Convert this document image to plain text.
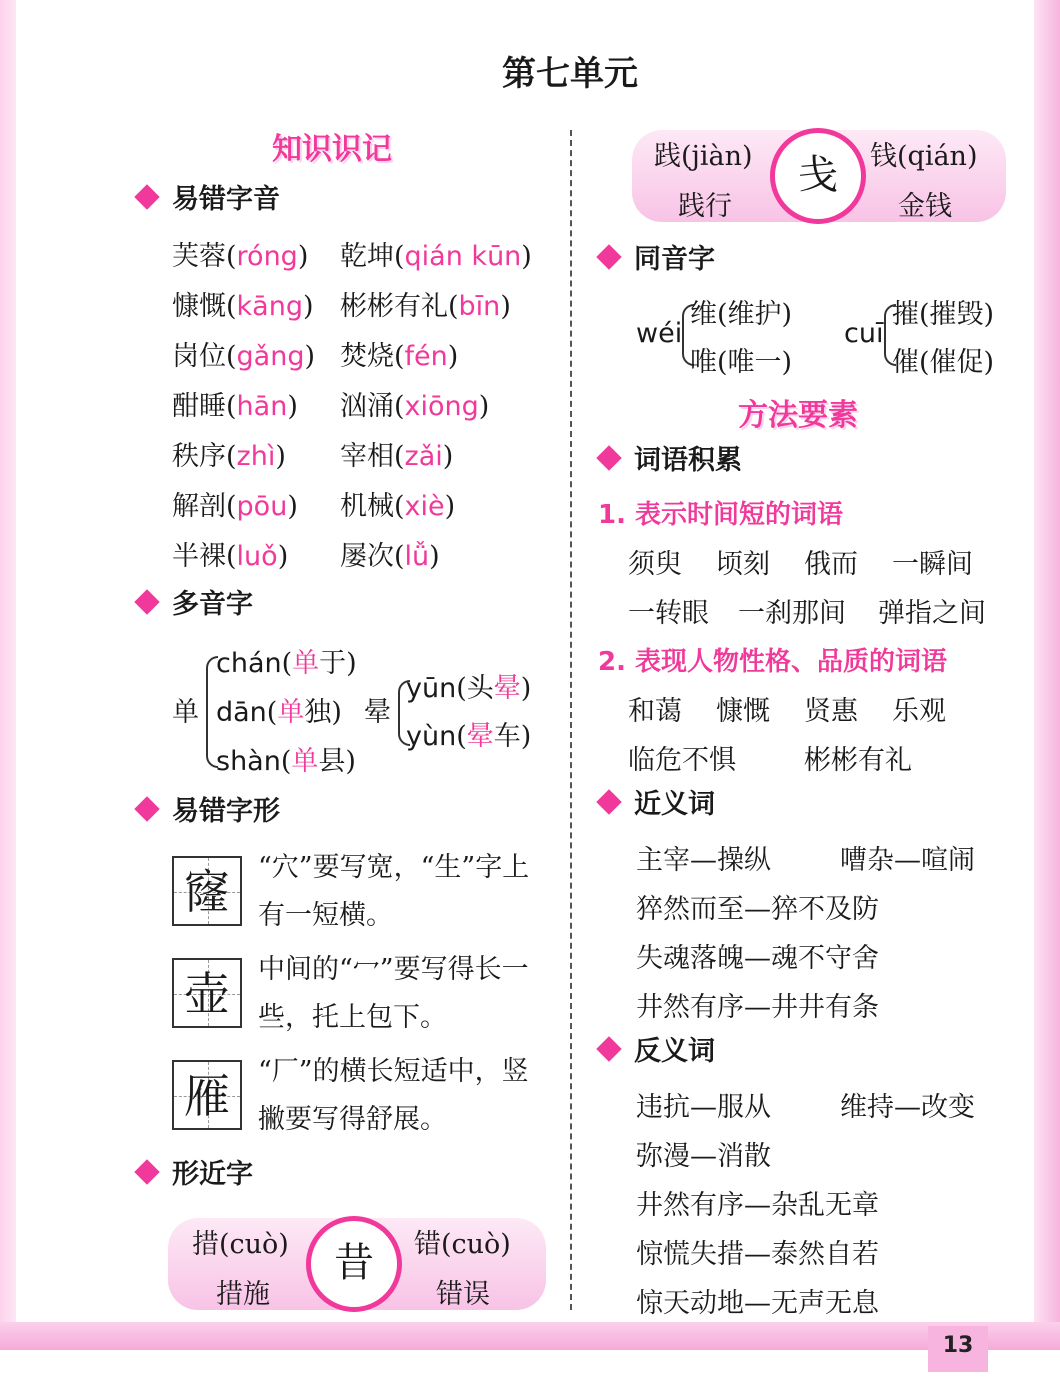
13
第七单元
知识识记
易错字音
芙蓉(róng) 乾坤(qián kūn)
慷慨(kāng) 彬彬有礼(bīn)
岗位(gǎng) 焚烧(fén)
酣睡(hān) 汹涌(xiōng)
秩序(zhì) 宰相(zǎi)
解剖(pōu) 机械(xiè)
半裸(luǒ) 屡次(lǚ)
多音字
单
chán(单于)
dān(单独)
shàn(单县)
晕
yūn(头晕)
yùn(晕车)
易错字形
窿	“穴”要写宽，“生”字上有一短横。
壶	中间的“冖”要写得长一些，托上包下。
雁	“厂”的横长短适中，竖撇要写得舒展。
形近字
昔
措(cuò)
措施
错(cuò)
错误
戋
践(jiàn)
践行
钱(qián)
金钱
同音字
wéi
维(维护)
唯(唯一)
cuī
摧(摧毁)
催(催促)
方法要素
词语积累
1. 表示时间短的词语
须臾 顷刻 俄而 一瞬间
一转眼 一刹那间 弹指之间
2. 表现人物性格、品质的词语
和蔼 慷慨 贤惠 乐观
临危不惧	彬彬有礼
近义词
主宰—操纵	嘈杂—喧闹
猝然而至—猝不及防
失魂落魄—魂不守舍
井然有序—井井有条
反义词
违抗—服从	维持—改变
弥漫—消散
井然有序—杂乱无章
惊慌失措—泰然自若
惊天动地—无声无息
